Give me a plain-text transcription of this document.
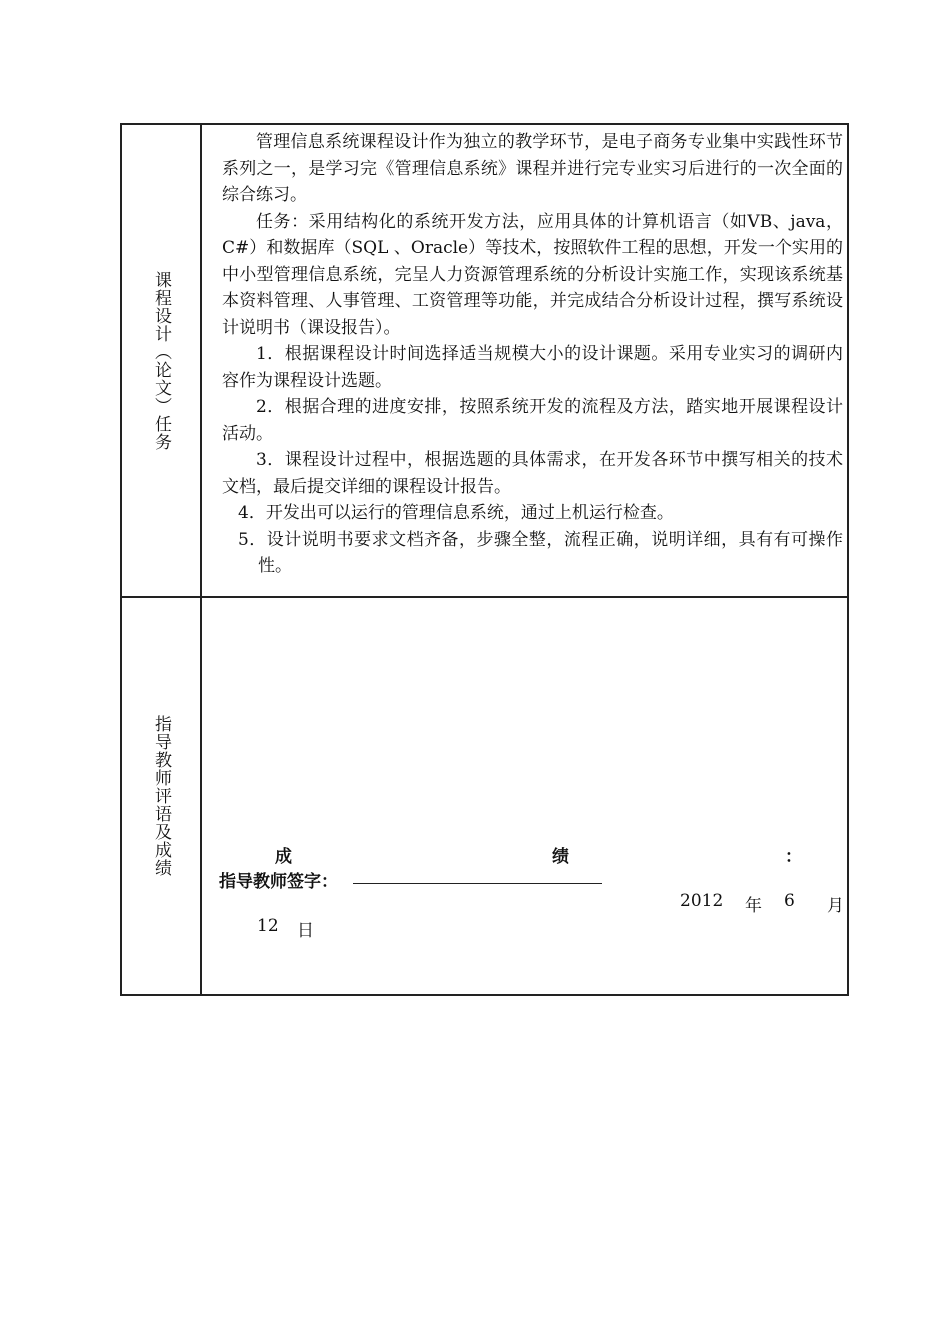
课程设计（论文）任务

管理信息系统课程设计作为独立的教学环节，是电子商务专业集中实践性环节系列之一，是学习完《管理信息系统》课程并进行完专业实习后进行的一次全面的综合练习。

任务：采用结构化的系统开发方法，应用具体的计算机语言（如VB、java，C#）和数据库（SQL 、Oracle）等技术，按照软件工程的思想，开发一个实用的中小型管理信息系统，完呈人力资源管理系统的分析设计实施工作，实现该系统基本资料管理、人事管理、工资管理等功能，并完成结合分析设计过程，撰写系统设计说明书（课设报告）。

1．根据课程设计时间选择适当规模大小的设计课题。采用专业实习的调研内容作为课程设计选题。

2．根据合理的进度安排，按照系统开发的流程及方法，踏实地开展课程设计活动。

3．课程设计过程中，根据选题的具体需求，在开发各环节中撰写相关的技术文档，最后提交详细的课程设计报告。

4．开发出可以运行的管理信息系统，通过上机运行检查。

5．设计说明书要求文档齐备，步骤全整，流程正确，说明详细，具有有可操作性。

指导教师评语及成绩	成	绩	：
指导教师签字：
2012 年 6 月
12 日
